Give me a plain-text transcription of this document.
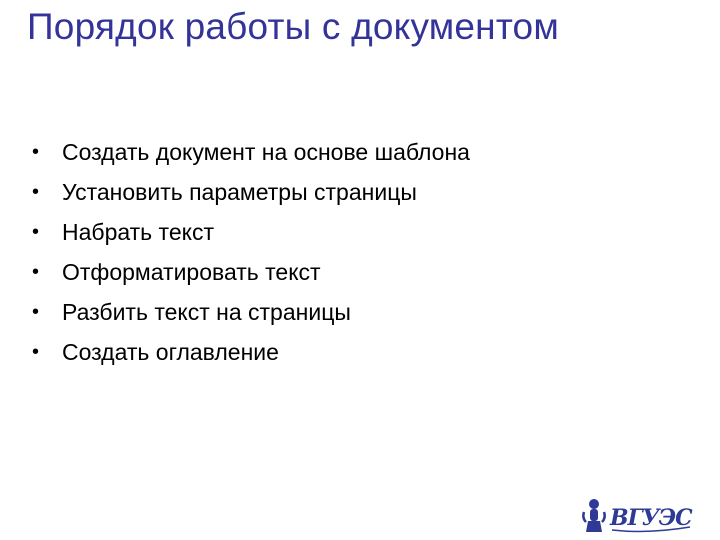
Порядок работы с документом
• Создать документ на основе шаблона
• Установить параметры страницы
• Набрать текст
• Отформатировать текст
• Разбить текст на страницы
• Создать оглавление
ВГУЭС
